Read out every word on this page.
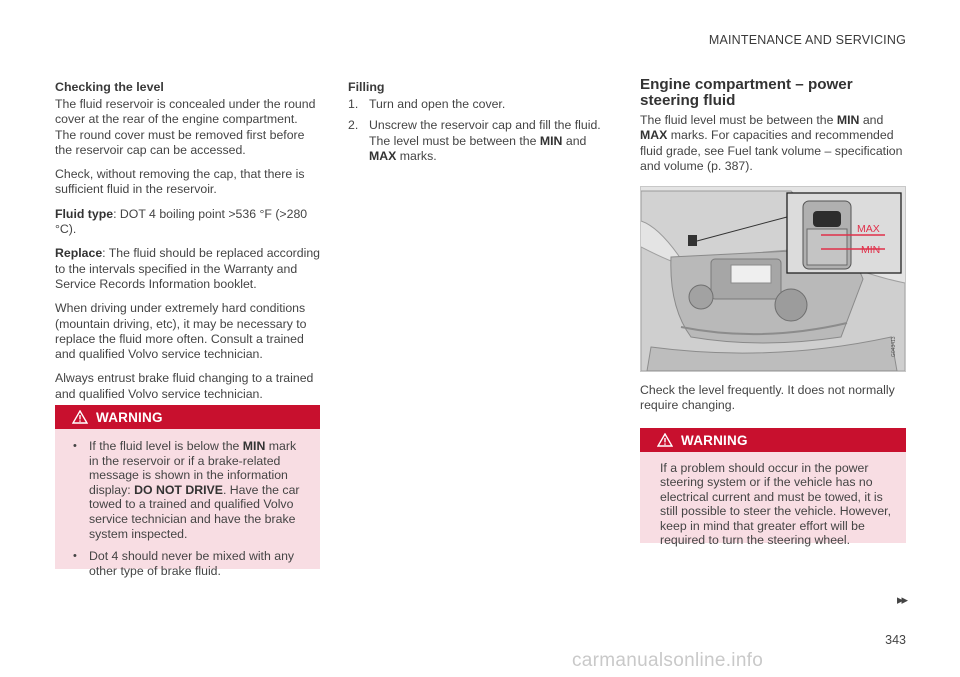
MAINTENANCE AND SERVICING
Checking the level

The fluid reservoir is concealed under the round cover at the rear of the engine compartment. The round cover must be removed first before the reservoir cap can be accessed.

Check, without removing the cap, that there is sufficient fluid in the reservoir.

Fluid type: DOT 4 boiling point >536 °F (>280 °C).

Replace: The fluid should be replaced according to the intervals specified in the Warranty and Service Records Information booklet.

When driving under extremely hard conditions (mountain driving, etc), it may be necessary to replace the fluid more often. Consult a trained and qualified Volvo service technician.

Always entrust brake fluid changing to a trained and qualified Volvo service technician.

WARNING
• If the fluid level is below the MIN mark in the reservoir or if a brake-related message is shown in the information display: DO NOT DRIVE. Have the car towed to a trained and qualified Volvo service technician and have the brake system inspected.
• Dot 4 should never be mixed with any other type of brake fluid.
Filling
1. Turn and open the cover.
2. Unscrew the reservoir cap and fill the fluid. The level must be between the MIN and MAX marks.
Engine compartment – power steering fluid

The fluid level must be between the MIN and MAX marks. For capacities and recommended fluid grade, see Fuel tank volume – specification and volume (p. 387).

MAX
MIN
G043413

Check the level frequently. It does not normally require changing.

WARNING

If a problem should occur in the power steering system or if the vehicle has no electrical current and must be towed, it is still possible to steer the vehicle. However, keep in mind that greater effort will be required to turn the steering wheel.

▸▸
343
carmanualsonline.info
